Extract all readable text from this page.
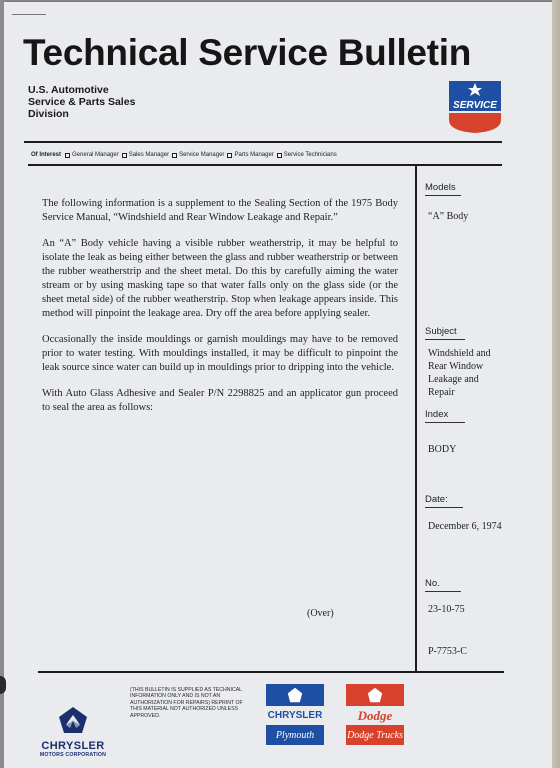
Technical Service Bulletin
U.S. Automotive
Service & Parts Sales
Division
SERVICE
Of Interest General Manager Sales Manager Service Manager Parts Manager Service Technicians

The following information is a supplement to the Sealing Section of the 1975 Body Service Manual, “Windshield and Rear Window Leakage and Repair.”

An “A” Body vehicle having a visible rubber weatherstrip, it may be helpful to isolate the leak as being either between the glass and rubber weatherstrip or between the rubber weatherstrip and the sheet metal. Do this by carefully aiming the water stream or by using masking tape so that water falls only on the glass side (or the sheet metal side) of the rubber weatherstrip. Stop when leakage appears inside. This method will pinpoint the leakage area. Dry off the area before applying sealer.

Occasionally the inside mouldings or garnish mouldings may have to be removed prior to water testing. With mouldings installed, it may be difficult to pinpoint the leak source since water can build up in mouldings prior to dripping into the vehicle.

With Auto Glass Adhesive and Sealer P/N 2298825 and an applicator gun proceed to seal the area as follows:

(Over)
Models
“A” Body
Subject
Windshield and
Rear Window
Leakage and
Repair
Index
BODY
Date:
December 6, 1974
No.
23-10-75
P-7753-C
(THIS BULLETIN IS SUPPLIED AS TECHNICAL INFORMATION ONLY AND IS NOT AN AUTHORIZATION FOR REPAIRS) REPRINT OF THIS MATERIAL NOT AUTHORIZED UNLESS APPROVED.
CHRYSLER
MOTORS CORPORATION
CHRYSLER
Plymouth
Dodge
Dodge Trucks
